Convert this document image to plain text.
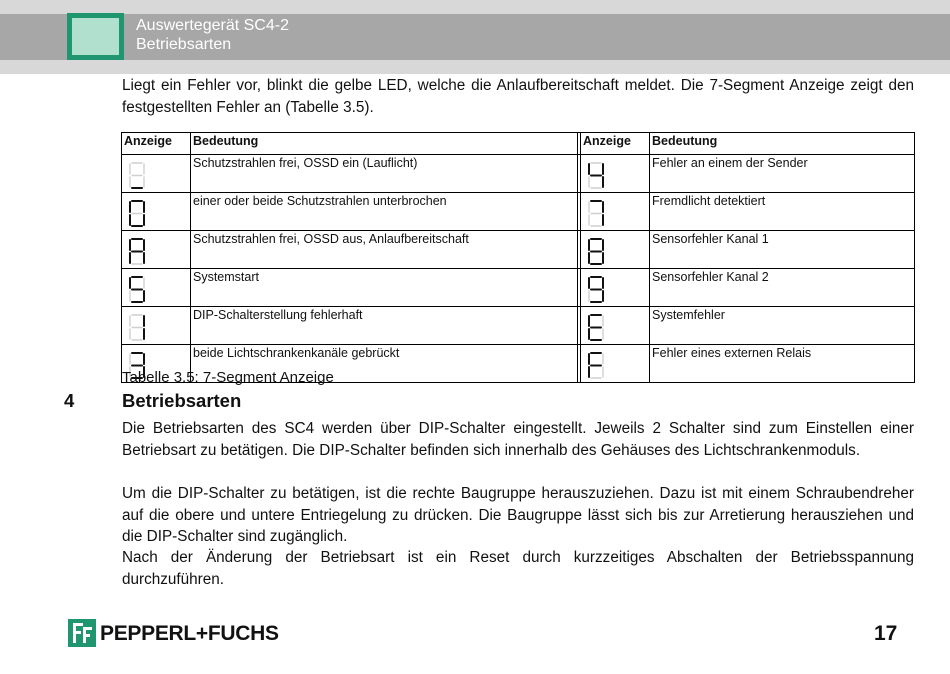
Auswertegerät SC4-2
Betriebsarten

Liegt ein Fehler vor, blinkt die gelbe LED, welche die Anlaufbereitschaft meldet. Die 7-Segment Anzeige zeigt den festgestellten Fehler an (Tabelle 3.5).

Anzeige	Bedeutung		Anzeige	Bedeutung

	Schutzstrahlen frei, OSSD ein (Lauflicht)			Fehler an einem der Sender

	einer oder beide Schutzstrahlen unterbrochen			Fremdlicht detektiert

	Schutzstrahlen frei, OSSD aus, Anlaufbereitschaft			Sensorfehler Kanal 1

	Systemstart			Sensorfehler Kanal 2

	DIP-Schalterstellung fehlerhaft			Systemfehler

	beide Lichtschrankenkanäle gebrückt			Fehler eines externen Relais
Tabelle 3.5: 7-Segment Anzeige
4	Betriebsarten

Die Betriebsarten des SC4 werden über DIP-Schalter eingestellt. Jeweils 2 Schalter sind zum Einstellen einer Betriebsart zu betätigen. Die DIP-Schalter befinden sich innerhalb des Gehäuses des Lichtschrankenmoduls.

Um die DIP-Schalter zu betätigen, ist die rechte Baugruppe herauszuziehen. Dazu ist mit einem Schraubendreher auf die obere und untere Entriegelung zu drücken. Die Baugruppe lässt sich bis zur Arretierung herausziehen und die DIP-Schalter sind zugänglich.

Nach der Änderung der Betriebsart ist ein Reset durch kurzzeitiges Abschalten der Betriebsspannung durchzuführen.

PEPPERL+FUCHS	17
